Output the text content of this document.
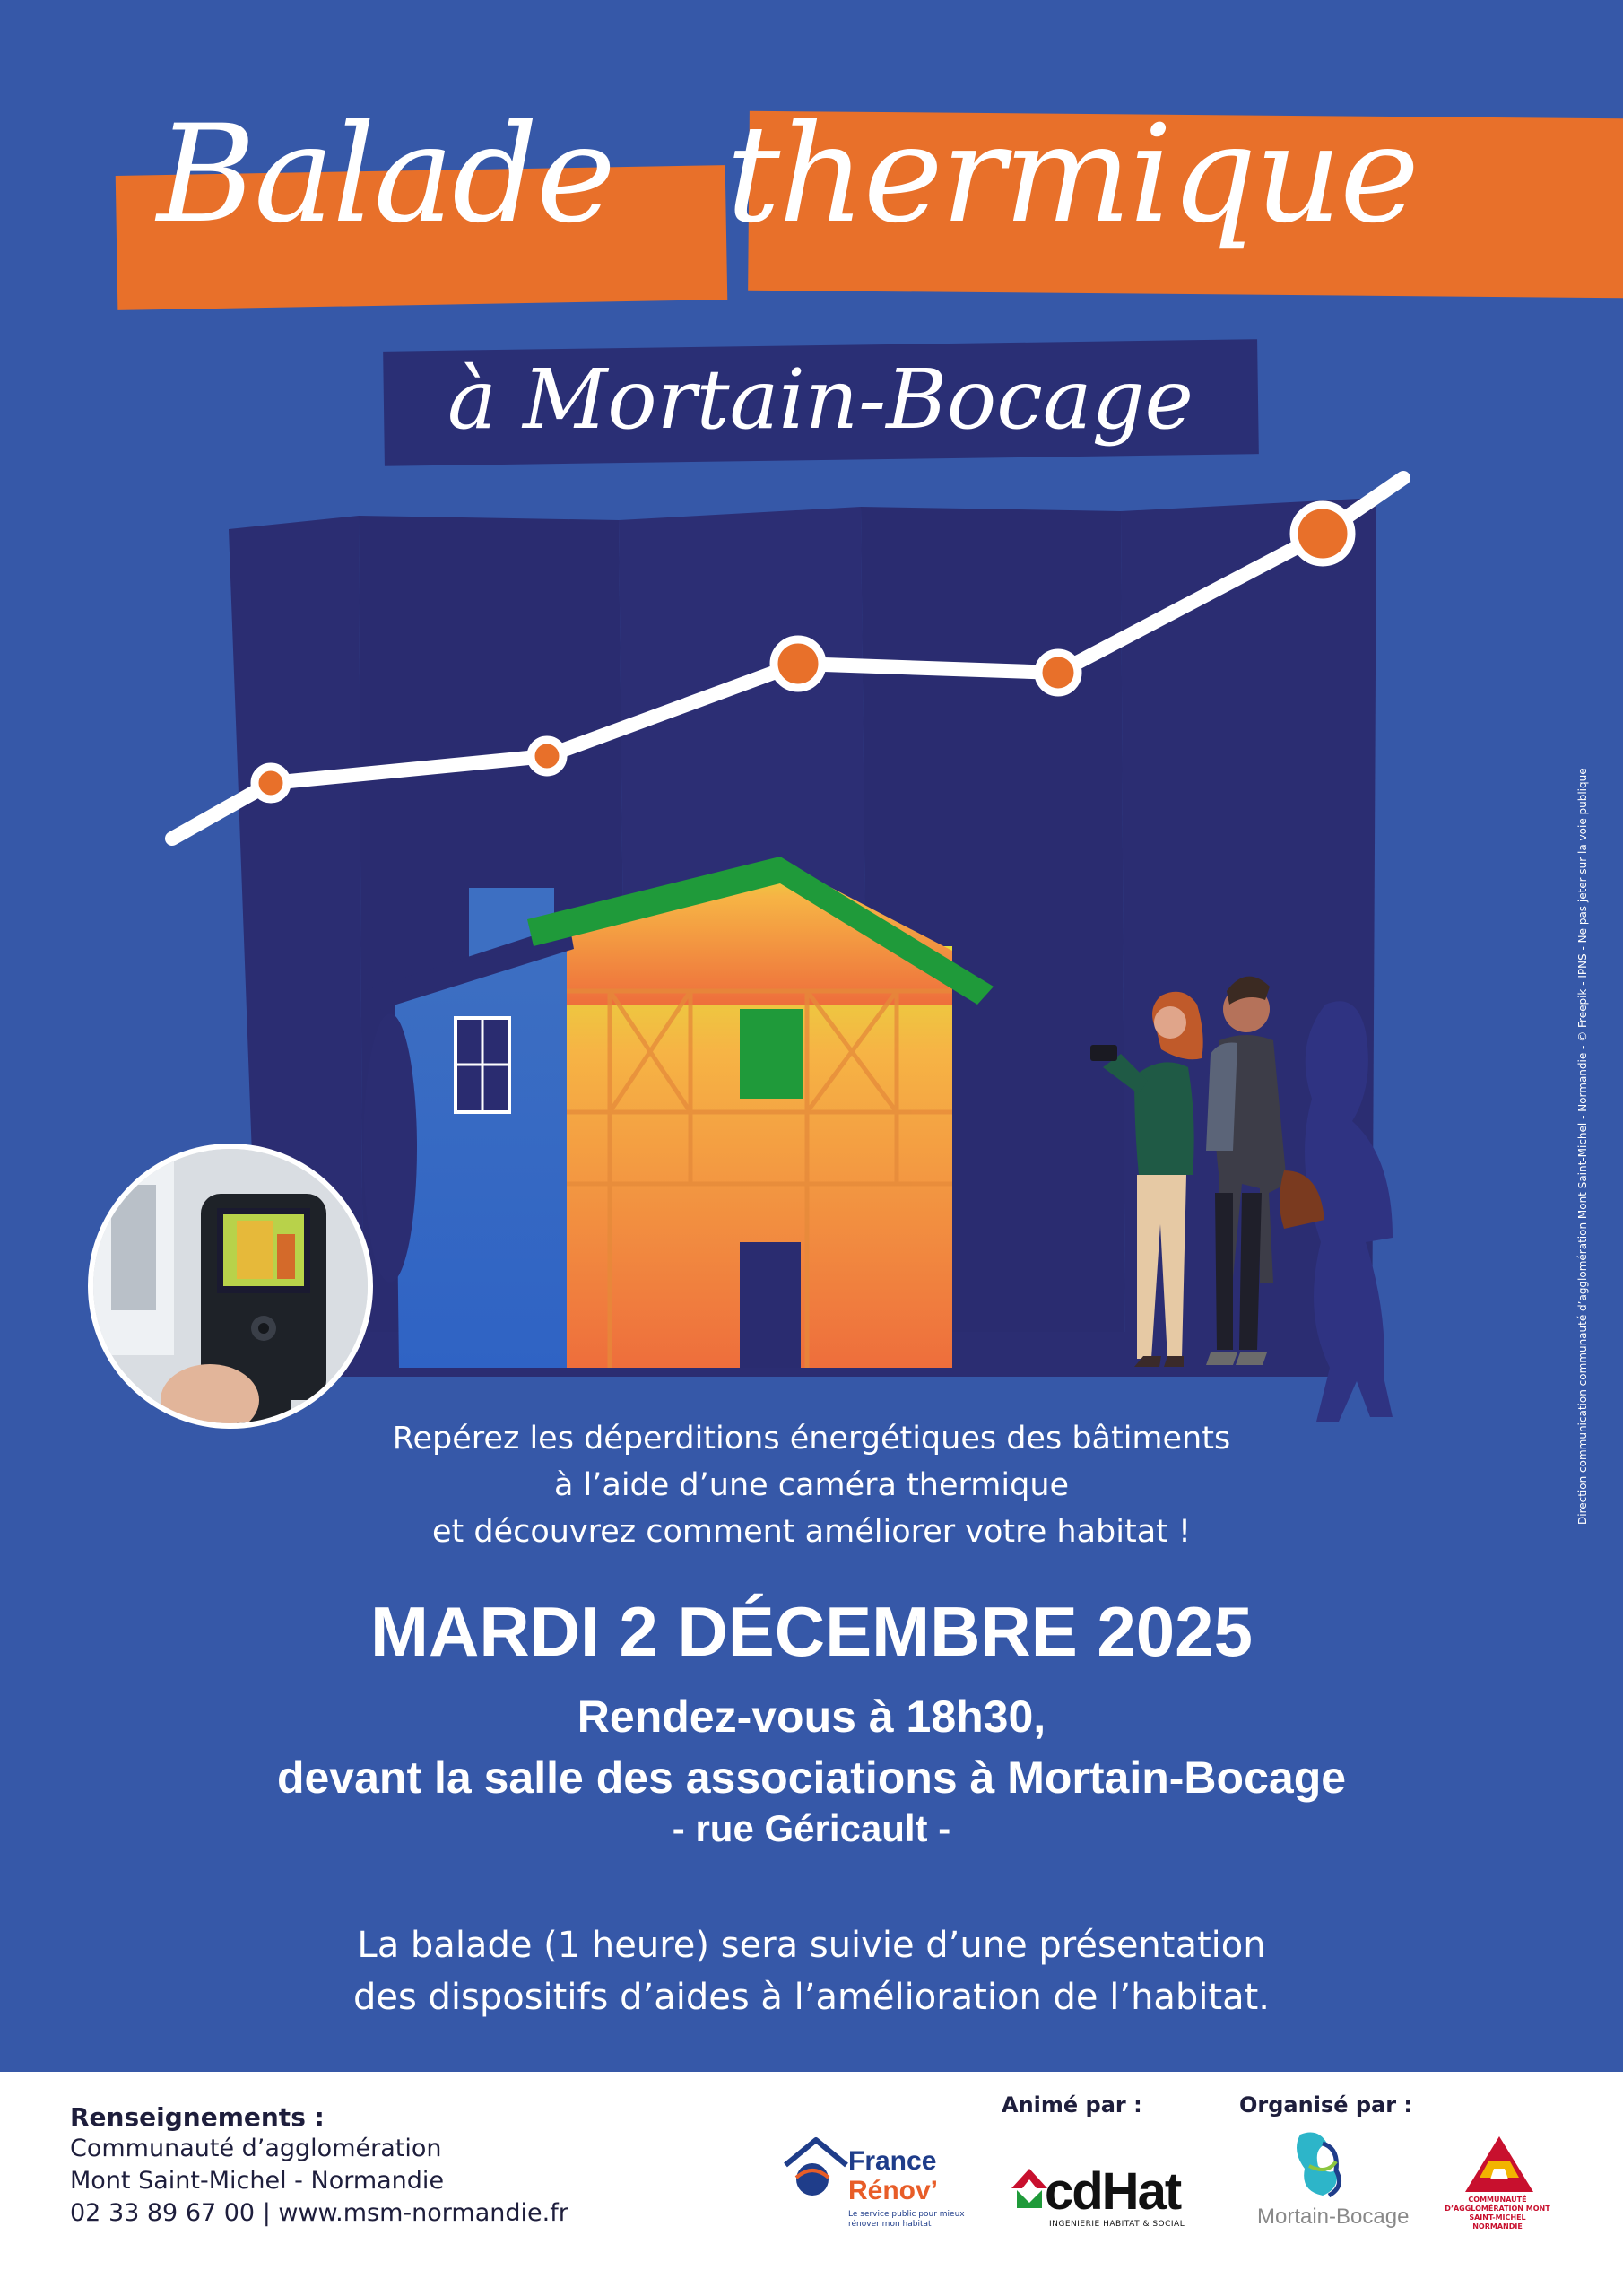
Balade thermique
à Mortain-Bocage
Repérez les déperditions énergétiques des bâtiments
à l’aide d’une caméra thermique
et découvrez comment améliorer votre habitat !
MARDI 2 DÉCEMBRE 2025
Rendez-vous à 18h30,
devant la salle des associations à Mortain-Bocage
- rue Géricault -
La balade (1 heure) sera suivie d’une présentation
des dispositifs d’aides à l’amélioration de l’habitat.
Direction communication communauté d’agglomération Mont Saint-Michel - Normandie - © Freepik - IPNS - Ne pas jeter sur la voie publique
Renseignements :
Communauté d’agglomération
Mont Saint-Michel - Normandie
02 33 89 67 00 | www.msm-normandie.fr
Animé par :	Organisé par :
France
Rénov’
Le service public pour mieux rénover mon habitat
cdHat
INGENIERIE HABITAT & SOCIAL	Mortain-Bocage
COMMUNAUTÉ D’AGGLOMÉRATION MONT SAINT-MICHEL NORMANDIE
